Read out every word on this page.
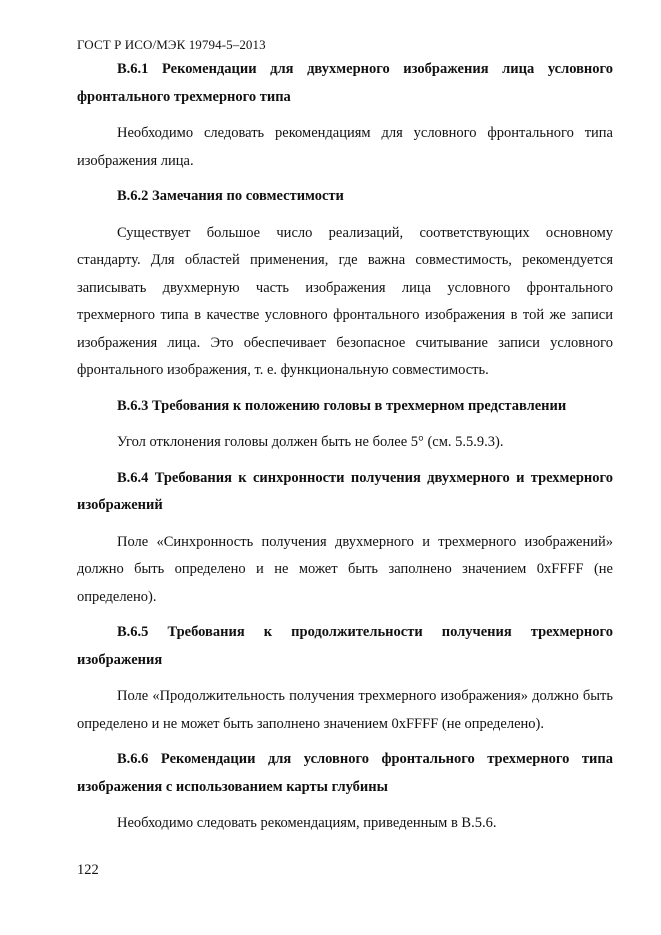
ГОСТ Р ИСО/МЭК 19794-5–2013

В.6.1 Рекомендации для двухмерного изображения лица условного фронтального трехмерного типа

Необходимо следовать рекомендациям для условного фронтального типа изображения лица.

В.6.2 Замечания по совместимости

Существует большое число реализаций, соответствующих основному стандарту. Для областей применения, где важна совместимость, рекомендуется записывать двухмерную часть изображения лица условного фронтального трехмерного типа в качестве условного фронтального изображения в той же записи изображения лица. Это обеспечивает безопасное считывание записи условного фронтального изображения, т. е. функциональную совместимость.

В.6.3 Требования к положению головы в трехмерном представлении

Угол отклонения головы должен быть не более 5° (см. 5.5.9.3).

В.6.4 Требования к синхронности получения двухмерного и трехмерного изображений

Поле «Синхронность получения двухмерного и трехмерного изображений» должно быть определено и не может быть заполнено значением 0xFFFF (не определено).

В.6.5 Требования к продолжительности получения трехмерного изображения

Поле «Продолжительность получения трехмерного изображения» должно быть определено и не может быть заполнено значением 0xFFFF (не определено).

В.6.6 Рекомендации для условного фронтального трехмерного типа изображения с использованием карты глубины

Необходимо следовать рекомендациям, приведенным в В.5.6.

122
